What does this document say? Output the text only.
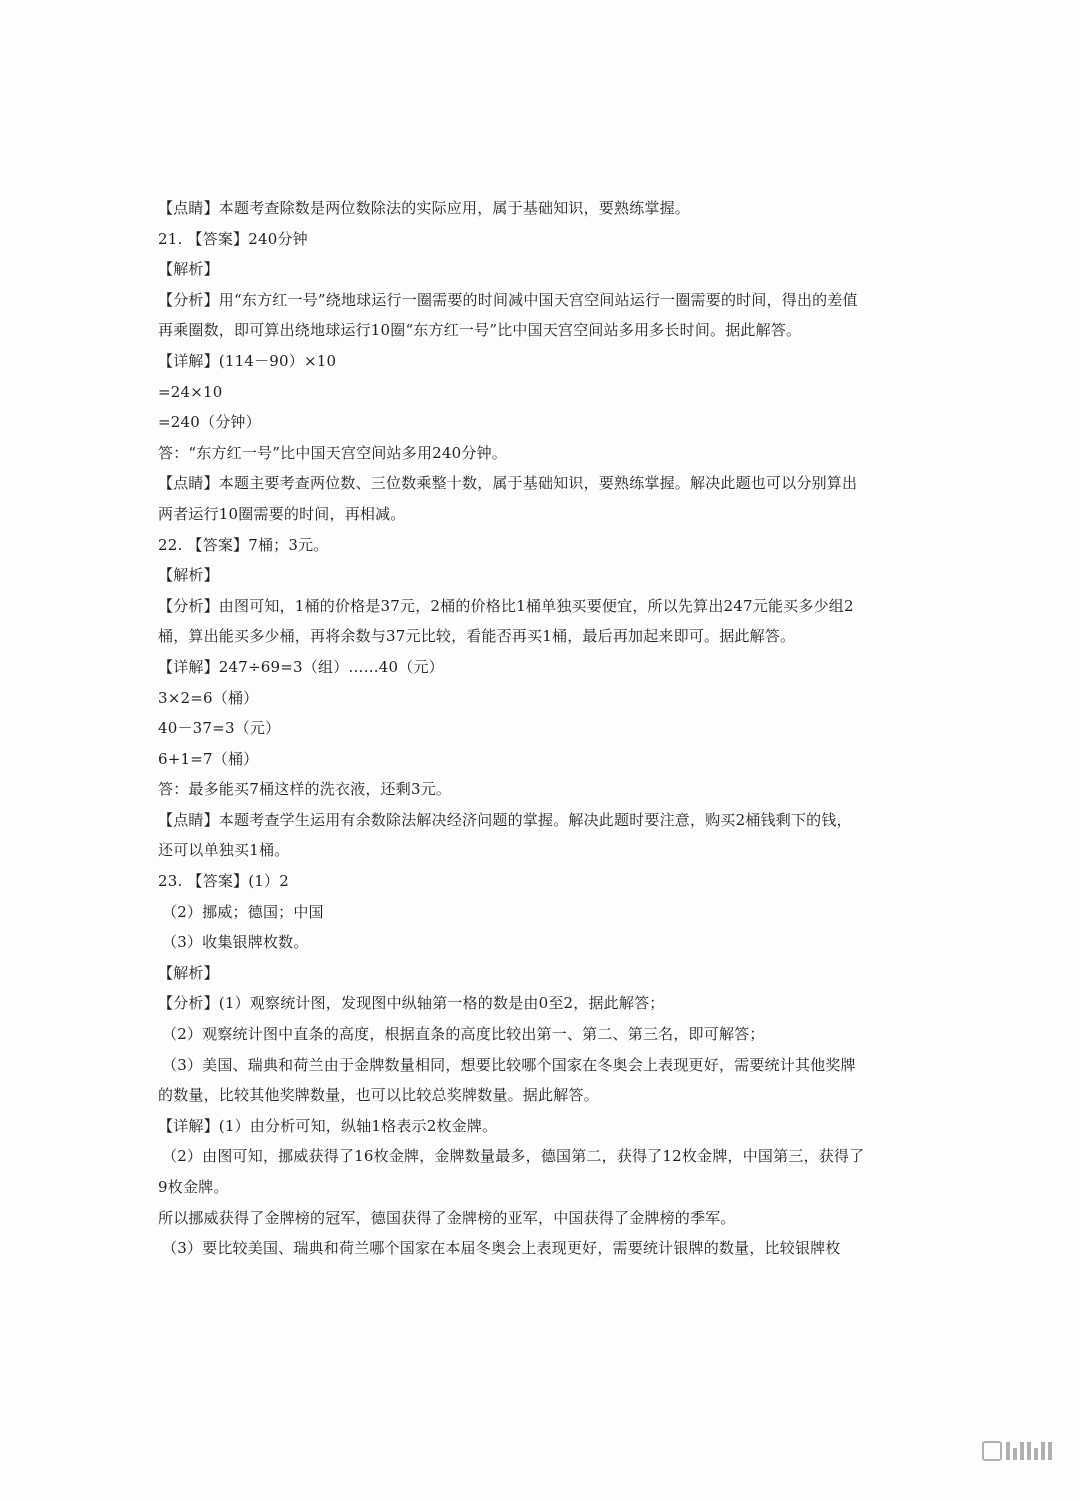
【点睛】本题考查除数是两位数除法的实际应用，属于基础知识，要熟练掌握。
21. 【答案】240分钟
【解析】
【分析】用“东方红一号”绕地球运行一圈需要的时间减中国天宫空间站运行一圈需要的时间，得出的差值
再乘圈数，即可算出绕地球运行10圈“东方红一号”比中国天宫空间站多用多长时间。据此解答。
【详解】(114－90）×10
=24×10
=240（分钟）
答：“东方红一号”比中国天宫空间站多用240分钟。
【点睛】本题主要考查两位数、三位数乘整十数，属于基础知识，要熟练掌握。解决此题也可以分别算出
两者运行10圈需要的时间，再相减。
22. 【答案】7桶；3元。
【解析】
【分析】由图可知，1桶的价格是37元，2桶的价格比1桶单独买要便宜，所以先算出247元能买多少组2
桶，算出能买多少桶，再将余数与37元比较，看能否再买1桶，最后再加起来即可。据此解答。
【详解】247÷69=3（组）……40（元）
3×2=6（桶）
40－37=3（元）
6+1=7（桶）
答：最多能买7桶这样的洗衣液，还剩3元。
【点睛】本题考查学生运用有余数除法解决经济问题的掌握。解决此题时要注意，购买2桶钱剩下的钱，
还可以单独买1桶。
23. 【答案】(1）2
（2）挪威；德国；中国
（3）收集银牌枚数。
【解析】
【分析】(1）观察统计图，发现图中纵轴第一格的数是由0至2，据此解答；
（2）观察统计图中直条的高度，根据直条的高度比较出第一、第二、第三名，即可解答；
（3）美国、瑞典和荷兰由于金牌数量相同，想要比较哪个国家在冬奥会上表现更好，需要统计其他奖牌
的数量，比较其他奖牌数量，也可以比较总奖牌数量。据此解答。
【详解】(1）由分析可知，纵轴1格表示2枚金牌。
（2）由图可知，挪威获得了16枚金牌，金牌数量最多，德国第二，获得了12枚金牌，中国第三，获得了
9枚金牌。
所以挪威获得了金牌榜的冠军，德国获得了金牌榜的亚军，中国获得了金牌榜的季军。
（3）要比较美国、瑞典和荷兰哪个国家在本届冬奥会上表现更好，需要统计银牌的数量，比较银牌枚
